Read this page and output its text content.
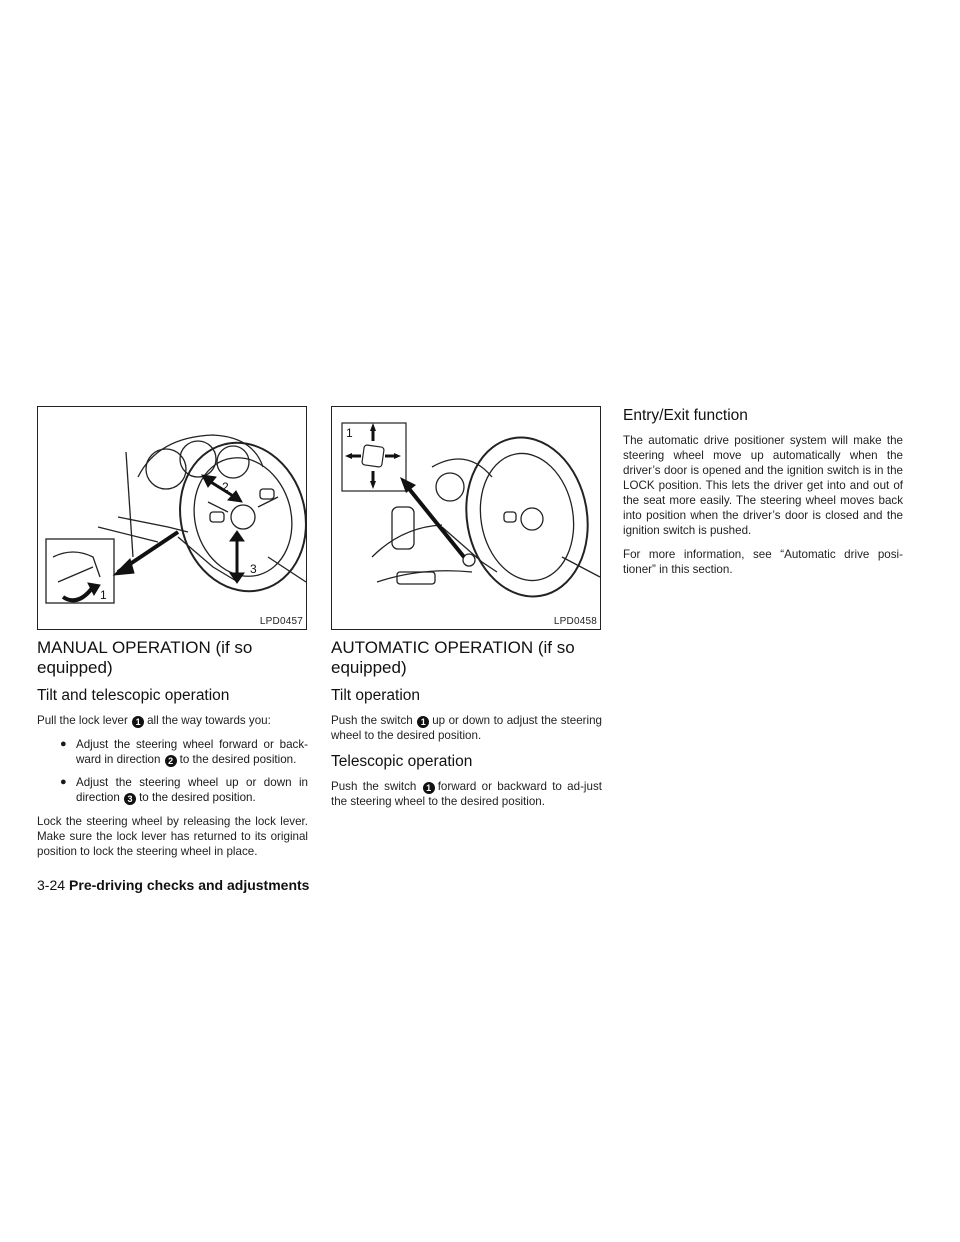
1
2
3
LPD0457
MANUAL OPERATION (if so equipped)
Tilt and telescopic operation

Pull the lock lever 1 all the way towards you:

● Adjust the steering wheel forward or back-ward in direction 2 to the desired position.
● Adjust the steering wheel up or down in direction 3 to the desired position.

Lock the steering wheel by releasing the lock lever. Make sure the lock lever has returned to its original position to lock the steering wheel in place.

1
LPD0458
AUTOMATIC OPERATION (if so equipped)
Tilt operation

Push the switch 1 up or down to adjust the steering wheel to the desired position.

Telescopic operation

Push the switch 1 forward or backward to ad-just the steering wheel to the desired position.

Entry/Exit function

The automatic drive positioner system will make the steering wheel move up automatically when the driver’s door is opened and the ignition switch is in the LOCK position. This lets the driver get into and out of the seat more easily. The steering wheel moves back into position when the driver’s door is closed and the ignition switch is pushed.

For more information, see “Automatic drive posi-tioner” in this section.

3-24 Pre-driving checks and adjustments
